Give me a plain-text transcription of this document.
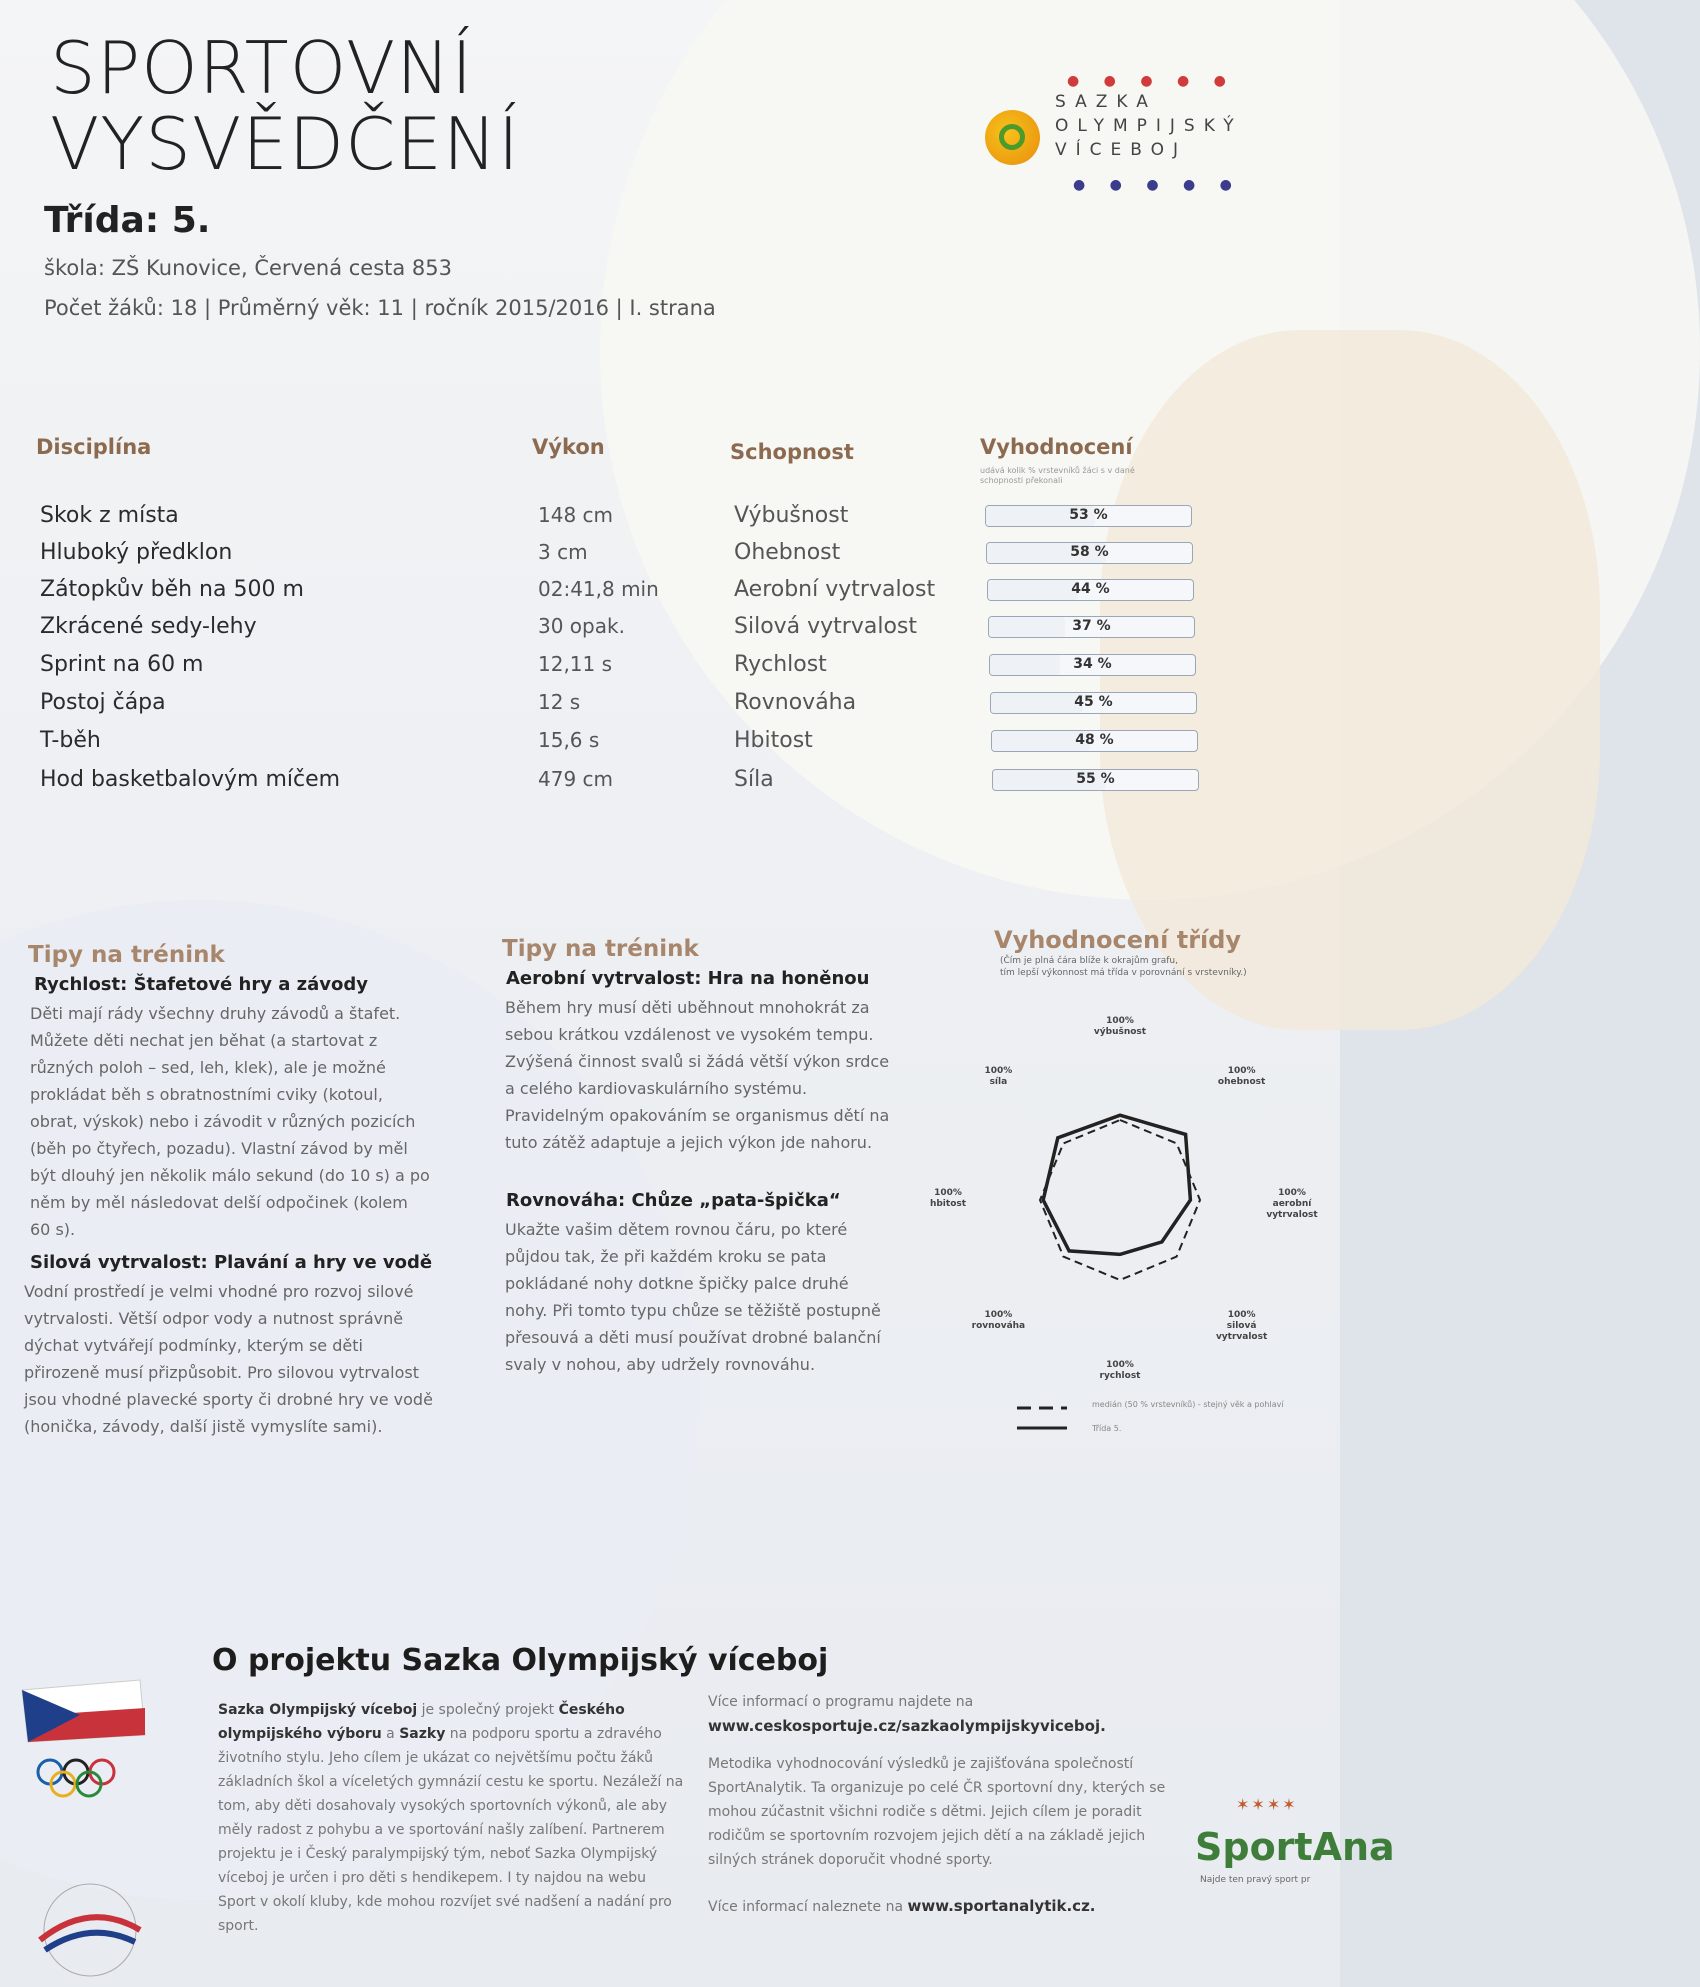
SPORTOVNÍ
VYSVĚDČENÍ
Třída: 5.
škola: ZŠ Kunovice, Červená cesta 853
Počet žáků: 18 | Průměrný věk: 11 | ročník 2015/2016 | I. strana
● ● ● ● ●
SAZKA
OLYMPIJSKÝ
VÍCEBOJ
● ● ● ● ●
Disciplína	Výkon	Schopnost	Vyhodnocení
udává kolik % vrstevníků žáci s v dané schopnosti překonali
Skok z místa	148 cm	Výbušnost	53 %
Hluboký předklon	3 cm	Ohebnost	58 %
Zátopkův běh na 500 m	02:41,8 min	Aerobní vytrvalost	44 %
Zkrácené sedy-lehy	30 opak.	Silová vytrvalost	37 %
Sprint na 60 m	12,11 s	Rychlost	34 %
Postoj čápa	12 s	Rovnováha	45 %
T-běh	15,6 s	Hbitost	48 %
Hod basketbalovým míčem	479 cm	Síla	55 %
Tipy na trénink
Rychlost: Štafetové hry a závody
Děti mají rády všechny druhy závodů a štafet. Můžete děti nechat jen běhat (a startovat z různých poloh – sed, leh, klek), ale je možné prokládat běh s obratnostními cviky (kotoul, obrat, výskok) nebo i závodit v různých pozicích (běh po čtyřech, pozadu). Vlastní závod by měl být dlouhý jen několik málo sekund (do 10 s) a po něm by měl následovat delší odpočinek (kolem 60 s).
Silová vytrvalost: Plavání a hry ve vodě
Vodní prostředí je velmi vhodné pro rozvoj silové vytrvalosti. Větší odpor vody a nutnost správně dýchat vytvářejí podmínky, kterým se děti přirozeně musí přizpůsobit. Pro silovou vytrvalost jsou vhodné plavecké sporty či drobné hry ve vodě (honička, závody, další jistě vymyslíte sami).
Tipy na trénink
Aerobní vytrvalost: Hra na honěnou
Během hry musí děti uběhnout mnohokrát za sebou krátkou vzdálenost ve vysokém tempu. Zvýšená činnost svalů si žádá větší výkon srdce a celého kardiovaskulárního systému. Pravidelným opakováním se organismus dětí na tuto zátěž adaptuje a jejich výkon jde nahoru.
Rovnováha: Chůze „pata-špička“
Ukažte vašim dětem rovnou čáru, po které půjdou tak, že při každém kroku se pata pokládané nohy dotkne špičky palce druhé nohy. Při tomto typu chůze se těžiště postupně přesouvá a děti musí používat drobné balanční svaly v nohou, aby udržely rovnováhu.
Vyhodnocení třídy
(Čím je plná čára blíže k okrajům grafu,
tím lepší výkonnost má třída v porovnání s vrstevníky.)
100%
výbušnost
100%
ohebnost
100%
aerobní vytrvalost
100%
silová vytrvalost
100%
rychlost
100%
rovnováha
100%
hbitost
100%
síla
medián (50 % vrstevníků) - stejný věk a pohlaví
Třída 5.
O projektu Sazka Olympijský víceboj
Sazka Olympijský víceboj je společný projekt Českého olympijského výboru a Sazky na podporu sportu a zdravého životního stylu. Jeho cílem je ukázat co největšímu počtu žáků základních škol a víceletých gymnázií cestu ke sportu. Nezáleží na tom, aby děti dosahovaly vysokých sportovních výkonů, ale aby měly radost z pohybu a ve sportování našly zalíbení. Partnerem projektu je i Český paralympijský tým, neboť Sazka Olympijský víceboj je určen i pro děti s hendikepem. I ty najdou na webu Sport v okolí kluby, kde mohou rozvíjet své nadšení a nadání pro sport.
Více informací o programu najdete na
www.ceskosportuje.cz/sazkaolympijskyviceboj.
Metodika vyhodnocování výsledků je zajišťována společností SportAnalytik. Ta organizuje po celé ČR sportovní dny, kterých se mohou zúčastnit všichni rodiče s dětmi. Jejich cílem je poradit rodičům se sportovním rozvojem jejich dětí a na základě jejich silných stránek doporučit vhodné sporty.
Více informací naleznete na www.sportanalytik.cz.
✶✶✶✶
SportAna
Najde ten pravý sport pr
